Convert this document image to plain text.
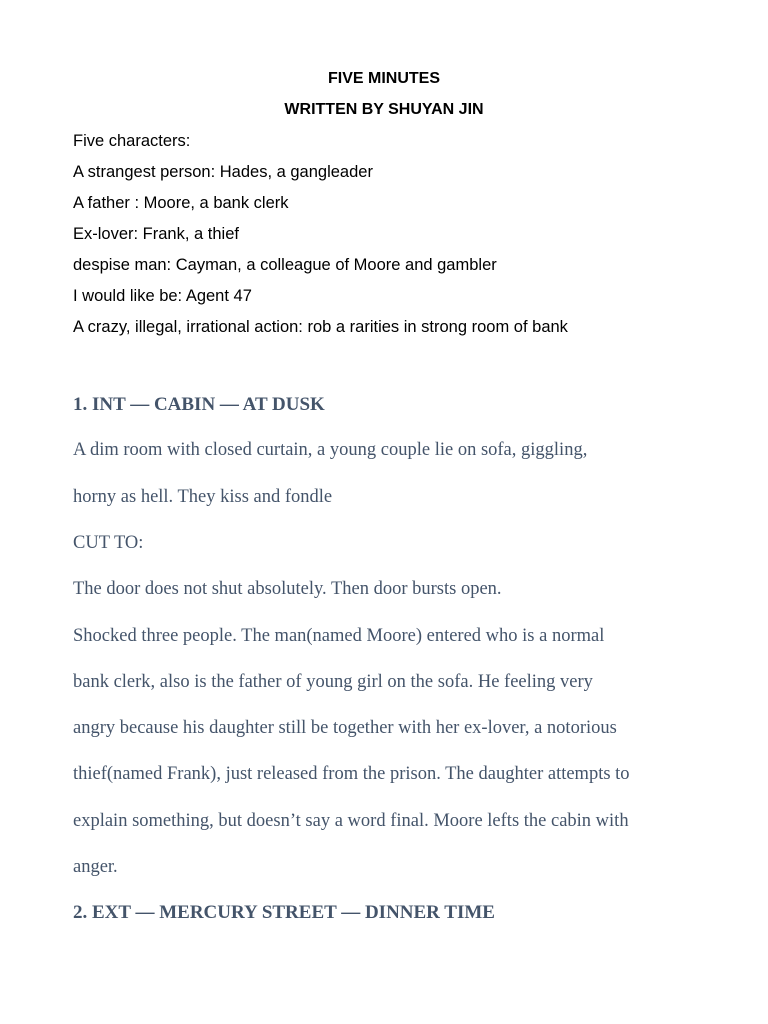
FIVE MINUTES
WRITTEN BY SHUYAN JIN

Five characters:

A strangest person: Hades, a gangleader

A father : Moore, a bank clerk

Ex-lover: Frank, a thief

despise man: Cayman, a colleague of Moore and gambler

I would like be: Agent 47

A crazy, illegal, irrational action: rob a rarities in strong room of bank

1. INT — CABIN — AT DUSK

A dim room with closed curtain, a young couple lie on sofa, giggling,

horny as hell. They kiss and fondle

CUT TO:

The door does not shut absolutely. Then door bursts open.

Shocked three people. The man(named Moore) entered who is a normal

bank clerk, also is the father of young girl on the sofa. He feeling very

angry because his daughter still be together with her ex-lover, a notorious

thief(named Frank), just released from the prison. The daughter attempts to

explain something, but doesn’t say a word final. Moore lefts the cabin with

anger.

2. EXT — MERCURY STREET — DINNER TIME
